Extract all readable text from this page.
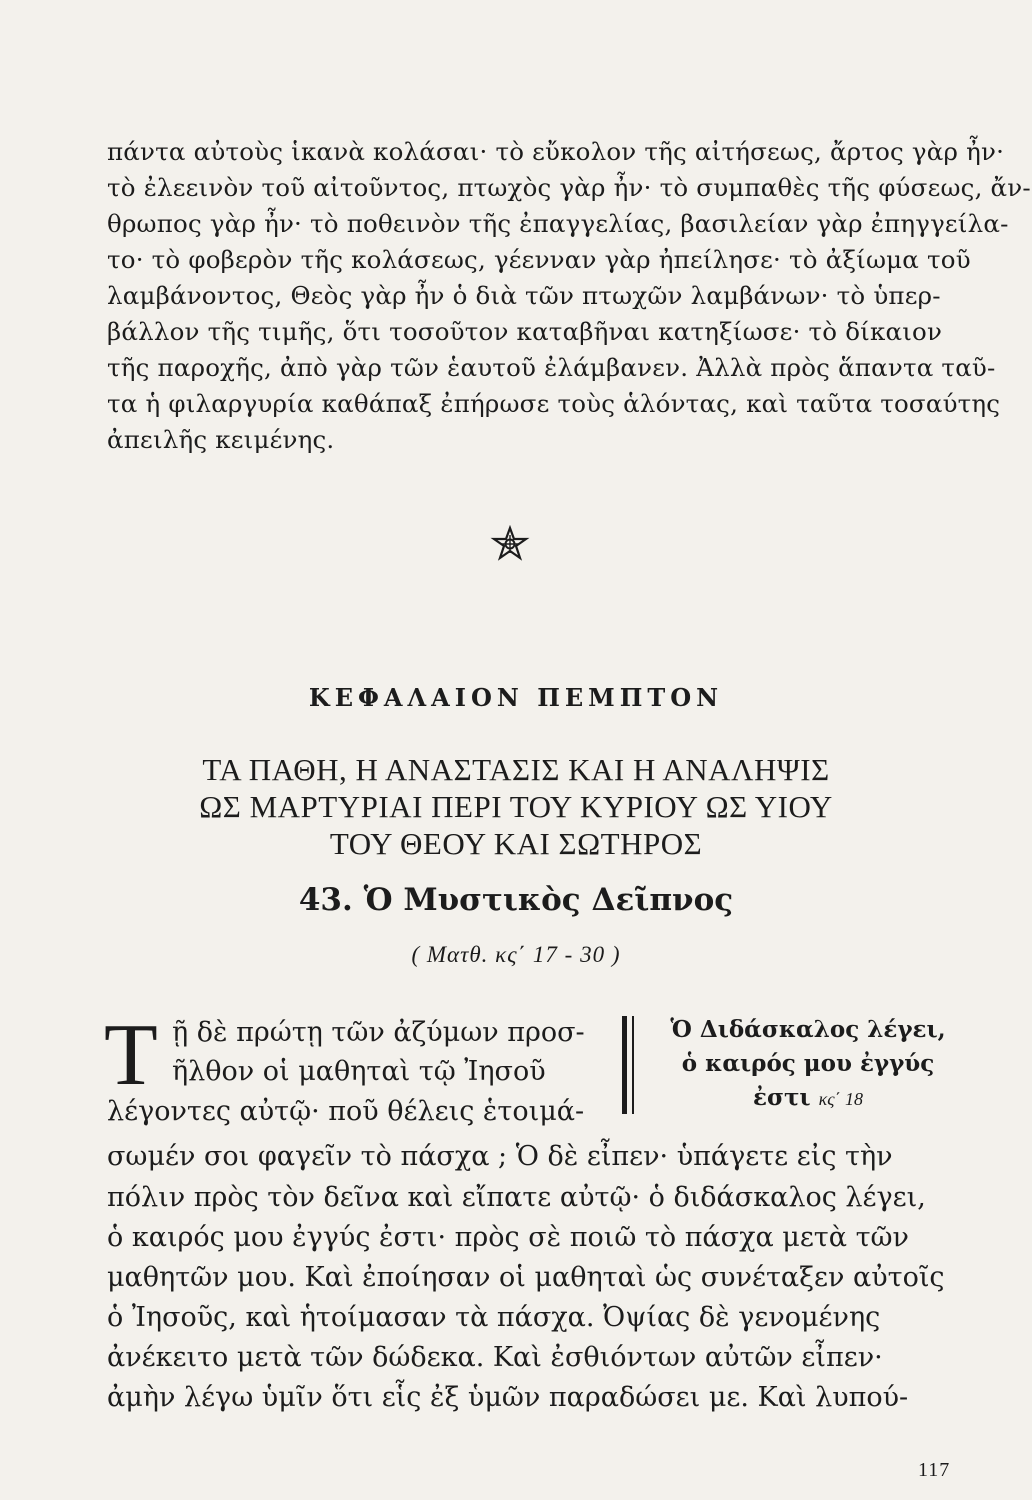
πάντα αὐτοὺς ἱκανὰ κολάσαι· τὸ εὔκολον τῆς αἰτήσεως, ἄρτος γὰρ ἦν·
τὸ ἐλεεινὸν τοῦ αἰτοῦντος, πτωχὸς γὰρ ἦν· τὸ συμπαθὲς τῆς φύσεως, ἄν-
θρωπος γὰρ ἦν· τὸ ποθεινὸν τῆς ἐπαγγελίας, βασιλείαν γὰρ ἐπηγγείλα-
το· τὸ φοβερὸν τῆς κολάσεως, γέενναν γὰρ ἠπείλησε· τὸ ἀξίωμα τοῦ
λαμβάνοντος, Θεὸς γὰρ ἦν ὁ διὰ τῶν πτωχῶν λαμβάνων· τὸ ὑπερ-
βάλλον τῆς τιμῆς, ὅτι τοσοῦτον καταβῆναι κατηξίωσε· τὸ δίκαιον
τῆς παροχῆς, ἀπὸ γὰρ τῶν ἑαυτοῦ ἐλάμβανεν. Ἀλλὰ πρὸς ἅπαντα ταῦ-
τα ἡ φιλαργυρία καθάπαξ ἐπήρωσε τοὺς ἁλόντας, καὶ ταῦτα τοσαύτης
ἀπειλῆς κειμένης.
ΚΕΦΑΛΑΙΟΝ ΠΕΜΠΤΟΝ
ΤΑ ΠΑΘΗ, Η ΑΝΑΣΤΑΣΙΣ ΚΑΙ Η ΑΝΑΛΗΨΙΣ
ΩΣ ΜΑΡΤΥΡΙΑΙ ΠΕΡΙ ΤΟΥ ΚΥΡΙΟΥ ΩΣ ΥΙΟΥ
ΤΟΥ ΘΕΟΥ ΚΑΙ ΣΩΤΗΡΟΣ
43. Ὁ Μυστικὸς Δεῖπνος
( Ματθ. κς΄ 17 - 30 )
Τ ῇ δὲ πρώτῃ τῶν ἀζύμων προσ-
ῆλθον οἱ μαθηταὶ τῷ Ἰησοῦ
λέγοντες αὐτῷ· ποῦ θέλεις ἑτοιμά-
Ὁ Διδάσκαλος λέγει,
ὁ καιρός μου ἐγγύς
ἐστι κς΄ 18
σωμέν σοι φαγεῖν τὸ πάσχα ; Ὁ δὲ εἶπεν· ὑπάγετε εἰς τὴν
πόλιν πρὸς τὸν δεῖνα καὶ εἴπατε αὐτῷ· ὁ διδάσκαλος λέγει,
ὁ καιρός μου ἐγγύς ἐστι· πρὸς σὲ ποιῶ τὸ πάσχα μετὰ τῶν
μαθητῶν μου. Καὶ ἐποίησαν οἱ μαθηταὶ ὡς συνέταξεν αὐτοῖς
ὁ Ἰησοῦς, καὶ ἡτοίμασαν τὰ πάσχα. Ὀψίας δὲ γενομένης
ἀνέκειτο μετὰ τῶν δώδεκα. Καὶ ἐσθιόντων αὐτῶν εἶπεν·
ἀμὴν λέγω ὑμῖν ὅτι εἷς ἐξ ὑμῶν παραδώσει με. Καὶ λυπού-
117
